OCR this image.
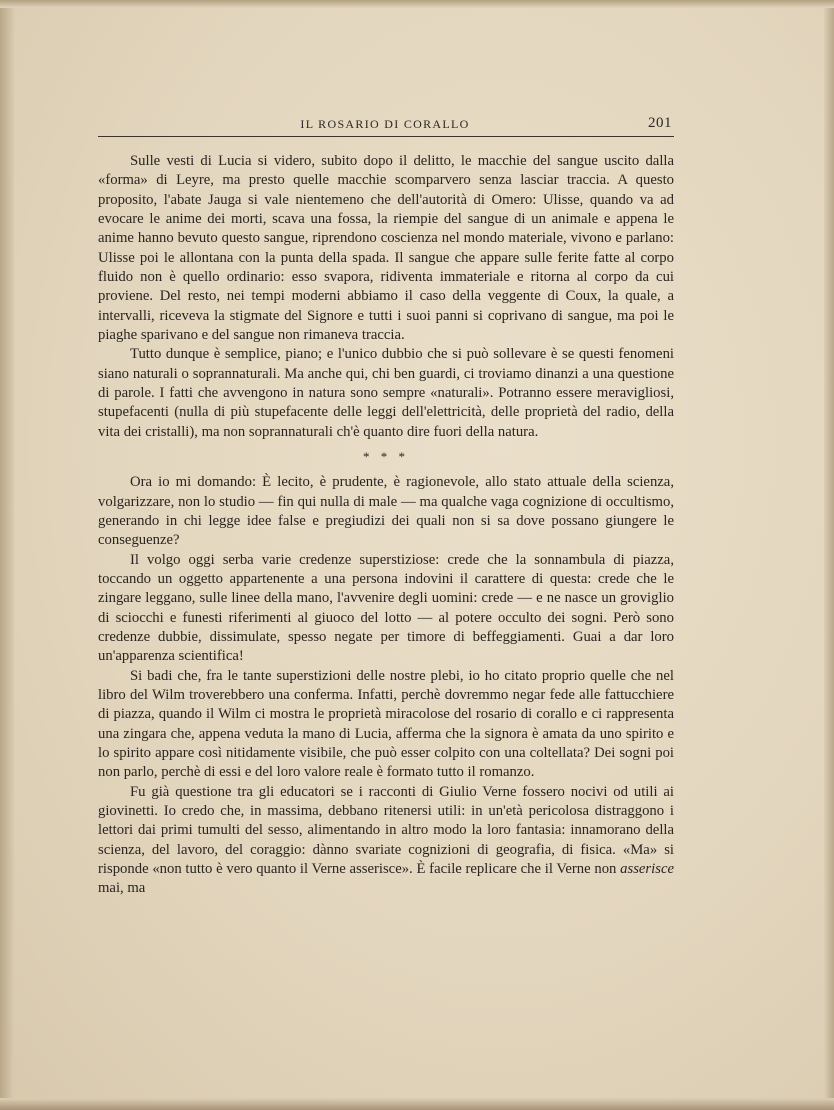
IL ROSARIO DI CORALLO	201

Sulle vesti di Lucia si videro, subito dopo il delitto, le macchie del sangue uscito dalla «forma» di Leyre, ma presto quelle macchie scomparvero senza lasciar traccia. A questo proposito, l'abate Jauga si vale nientemeno che dell'autorità di Omero: Ulisse, quando va ad evocare le anime dei morti, scava una fossa, la riempie del sangue di un animale e appena le anime hanno bevuto questo sangue, riprendono coscienza nel mondo materiale, vivono e parlano: Ulisse poi le allontana con la punta della spada. Il sangue che appare sulle ferite fatte al corpo fluido non è quello ordinario: esso svapora, ridiventa immateriale e ritorna al corpo da cui proviene. Del resto, nei tempi moderni abbiamo il caso della veggente di Coux, la quale, a intervalli, riceveva la stigmate del Signore e tutti i suoi panni si coprivano di sangue, ma poi le piaghe sparivano e del sangue non rimaneva traccia.

Tutto dunque è semplice, piano; e l'unico dubbio che si può sollevare è se questi fenomeni siano naturali o soprannaturali. Ma anche qui, chi ben guardi, ci troviamo dinanzi a una questione di parole. I fatti che avvengono in natura sono sempre «naturali». Potranno essere meravigliosi, stupefacenti (nulla di più stupefacente delle leggi dell'elettricità, delle proprietà del radio, della vita dei cristalli), ma non soprannaturali ch'è quanto dire fuori della natura.

* * *

Ora io mi domando: È lecito, è prudente, è ragionevole, allo stato attuale della scienza, volgarizzare, non lo studio — fin qui nulla di male — ma qualche vaga cognizione di occultismo, generando in chi legge idee false e pregiudizi dei quali non si sa dove possano giungere le conseguenze?

Il volgo oggi serba varie credenze superstiziose: crede che la sonnambula di piazza, toccando un oggetto appartenente a una persona indovini il carattere di questa: crede che le zingare leggano, sulle linee della mano, l'avvenire degli uomini: crede — e ne nasce un groviglio di sciocchi e funesti riferimenti al giuoco del lotto — al potere occulto dei sogni. Però sono credenze dubbie, dissimulate, spesso negate per timore di beffeggiamenti. Guai a dar loro un'apparenza scientifica!

Si badi che, fra le tante superstizioni delle nostre plebi, io ho citato proprio quelle che nel libro del Wilm troverebbero una conferma. Infatti, perchè dovremmo negar fede alle fattucchiere di piazza, quando il Wilm ci mostra le proprietà miracolose del rosario di corallo e ci rappresenta una zingara che, appena veduta la mano di Lucia, afferma che la signora è amata da uno spirito e lo spirito appare così nitidamente visibile, che può esser colpito con una coltellata? Dei sogni poi non parlo, perchè di essi e del loro valore reale è formato tutto il romanzo.

Fu già questione tra gli educatori se i racconti di Giulio Verne fossero nocivi od utili ai giovinetti. Io credo che, in massima, debbano ritenersi utili: in un'età pericolosa distraggono i lettori dai primi tumulti del sesso, alimentando in altro modo la loro fantasia: innamorano della scienza, del lavoro, del coraggio: dànno svariate cognizioni di geografia, di fisica. «Ma» si risponde «non tutto è vero quanto il Verne asserisce». È facile replicare che il Verne non asserisce mai, ma
